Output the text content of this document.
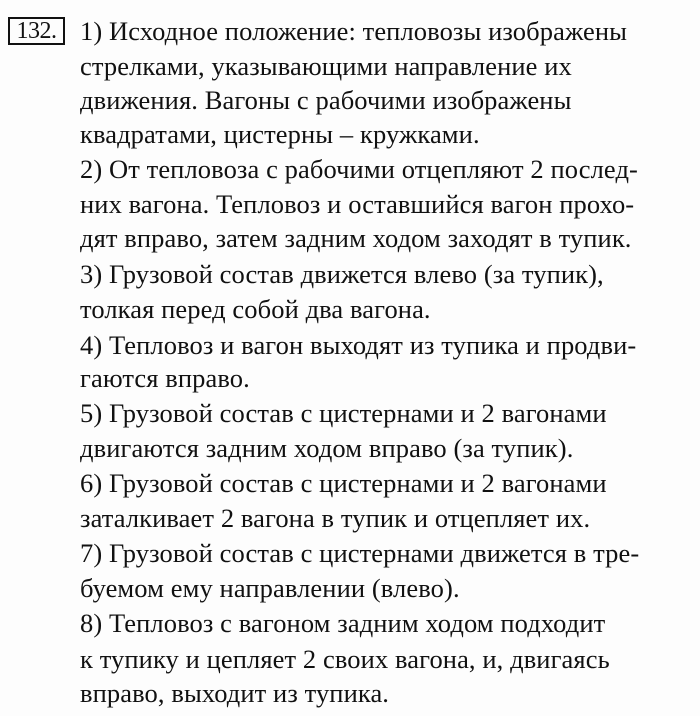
132. 1) Исходное положение: тепловозы изображены
стрелками, указывающими направление их
движения. Вагоны с рабочими изображены
квадратами, цистерны – кружками.
2) От тепловоза с рабочими отцепляют 2 послед-
них вагона. Тепловоз и оставшийся вагон прохо-
дят вправо, затем задним ходом заходят в тупик.
3) Грузовой состав движется влево (за тупик),
толкая перед собой два вагона.
4) Тепловоз и вагон выходят из тупика и продви-
гаются вправо.
5) Грузовой состав с цистернами и 2 вагонами
двигаются задним ходом вправо (за тупик).
6) Грузовой состав с цистернами и 2 вагонами
заталкивает 2 вагона в тупик и отцепляет их.
7) Грузовой состав с цистернами движется в тре-
буемом ему направлении (влево).
8) Тепловоз с вагоном задним ходом подходит
к тупику и цепляет 2 своих вагона, и, двигаясь
вправо, выходит из тупика.
